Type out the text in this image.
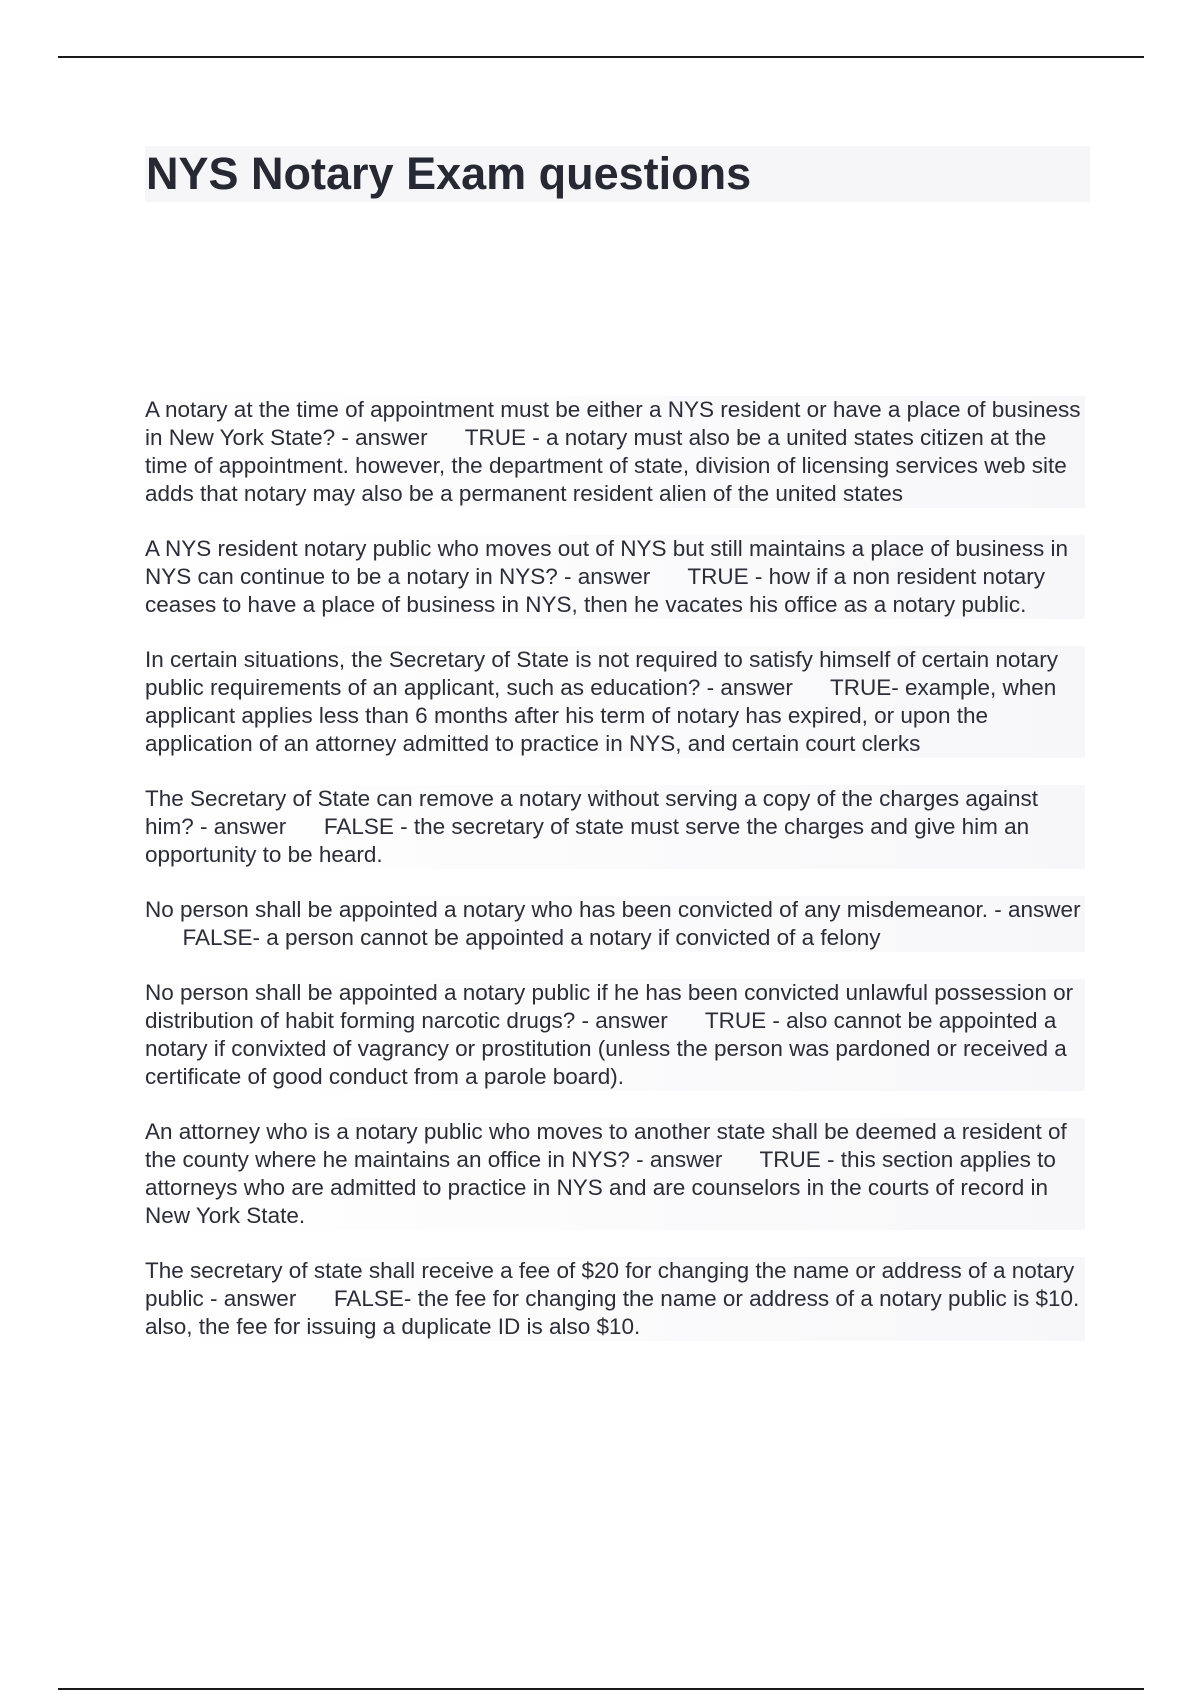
NYS Notary Exam questions

A notary at the time of appointment must be either a NYS resident or have a place of business in New York State? - answer TRUE - a notary must also be a united states citizen at the time of appointment. however, the department of state, division of licensing services web site adds that notary may also be a permanent resident alien of the united states

A NYS resident notary public who moves out of NYS but still maintains a place of business in NYS can continue to be a notary in NYS? - answer TRUE - how if a non resident notary ceases to have a place of business in NYS, then he vacates his office as a notary public.

In certain situations, the Secretary of State is not required to satisfy himself of certain notary public requirements of an applicant, such as education? - answer TRUE- example, when applicant applies less than 6 months after his term of notary has expired, or upon the application of an attorney admitted to practice in NYS, and certain court clerks

The Secretary of State can remove a notary without serving a copy of the charges against him? - answer FALSE - the secretary of state must serve the charges and give him an opportunity to be heard.

No person shall be appointed a notary who has been convicted of any misdemeanor. - answer      FALSE- a person cannot be appointed a notary if convicted of a felony

No person shall be appointed a notary public if he has been convicted unlawful possession or distribution of habit forming narcotic drugs? - answer TRUE - also cannot be appointed a notary if convixted of vagrancy or prostitution (unless the person was pardoned or received a certificate of good conduct from a parole board).

An attorney who is a notary public who moves to another state shall be deemed a resident of the county where he maintains an office in NYS? - answer TRUE - this section applies to attorneys who are admitted to practice in NYS and are counselors in the courts of record in New York State.

The secretary of state shall receive a fee of $20 for changing the name or address of a notary public - answer FALSE- the fee for changing the name or address of a notary public is $10. also, the fee for issuing a duplicate ID is also $10.
